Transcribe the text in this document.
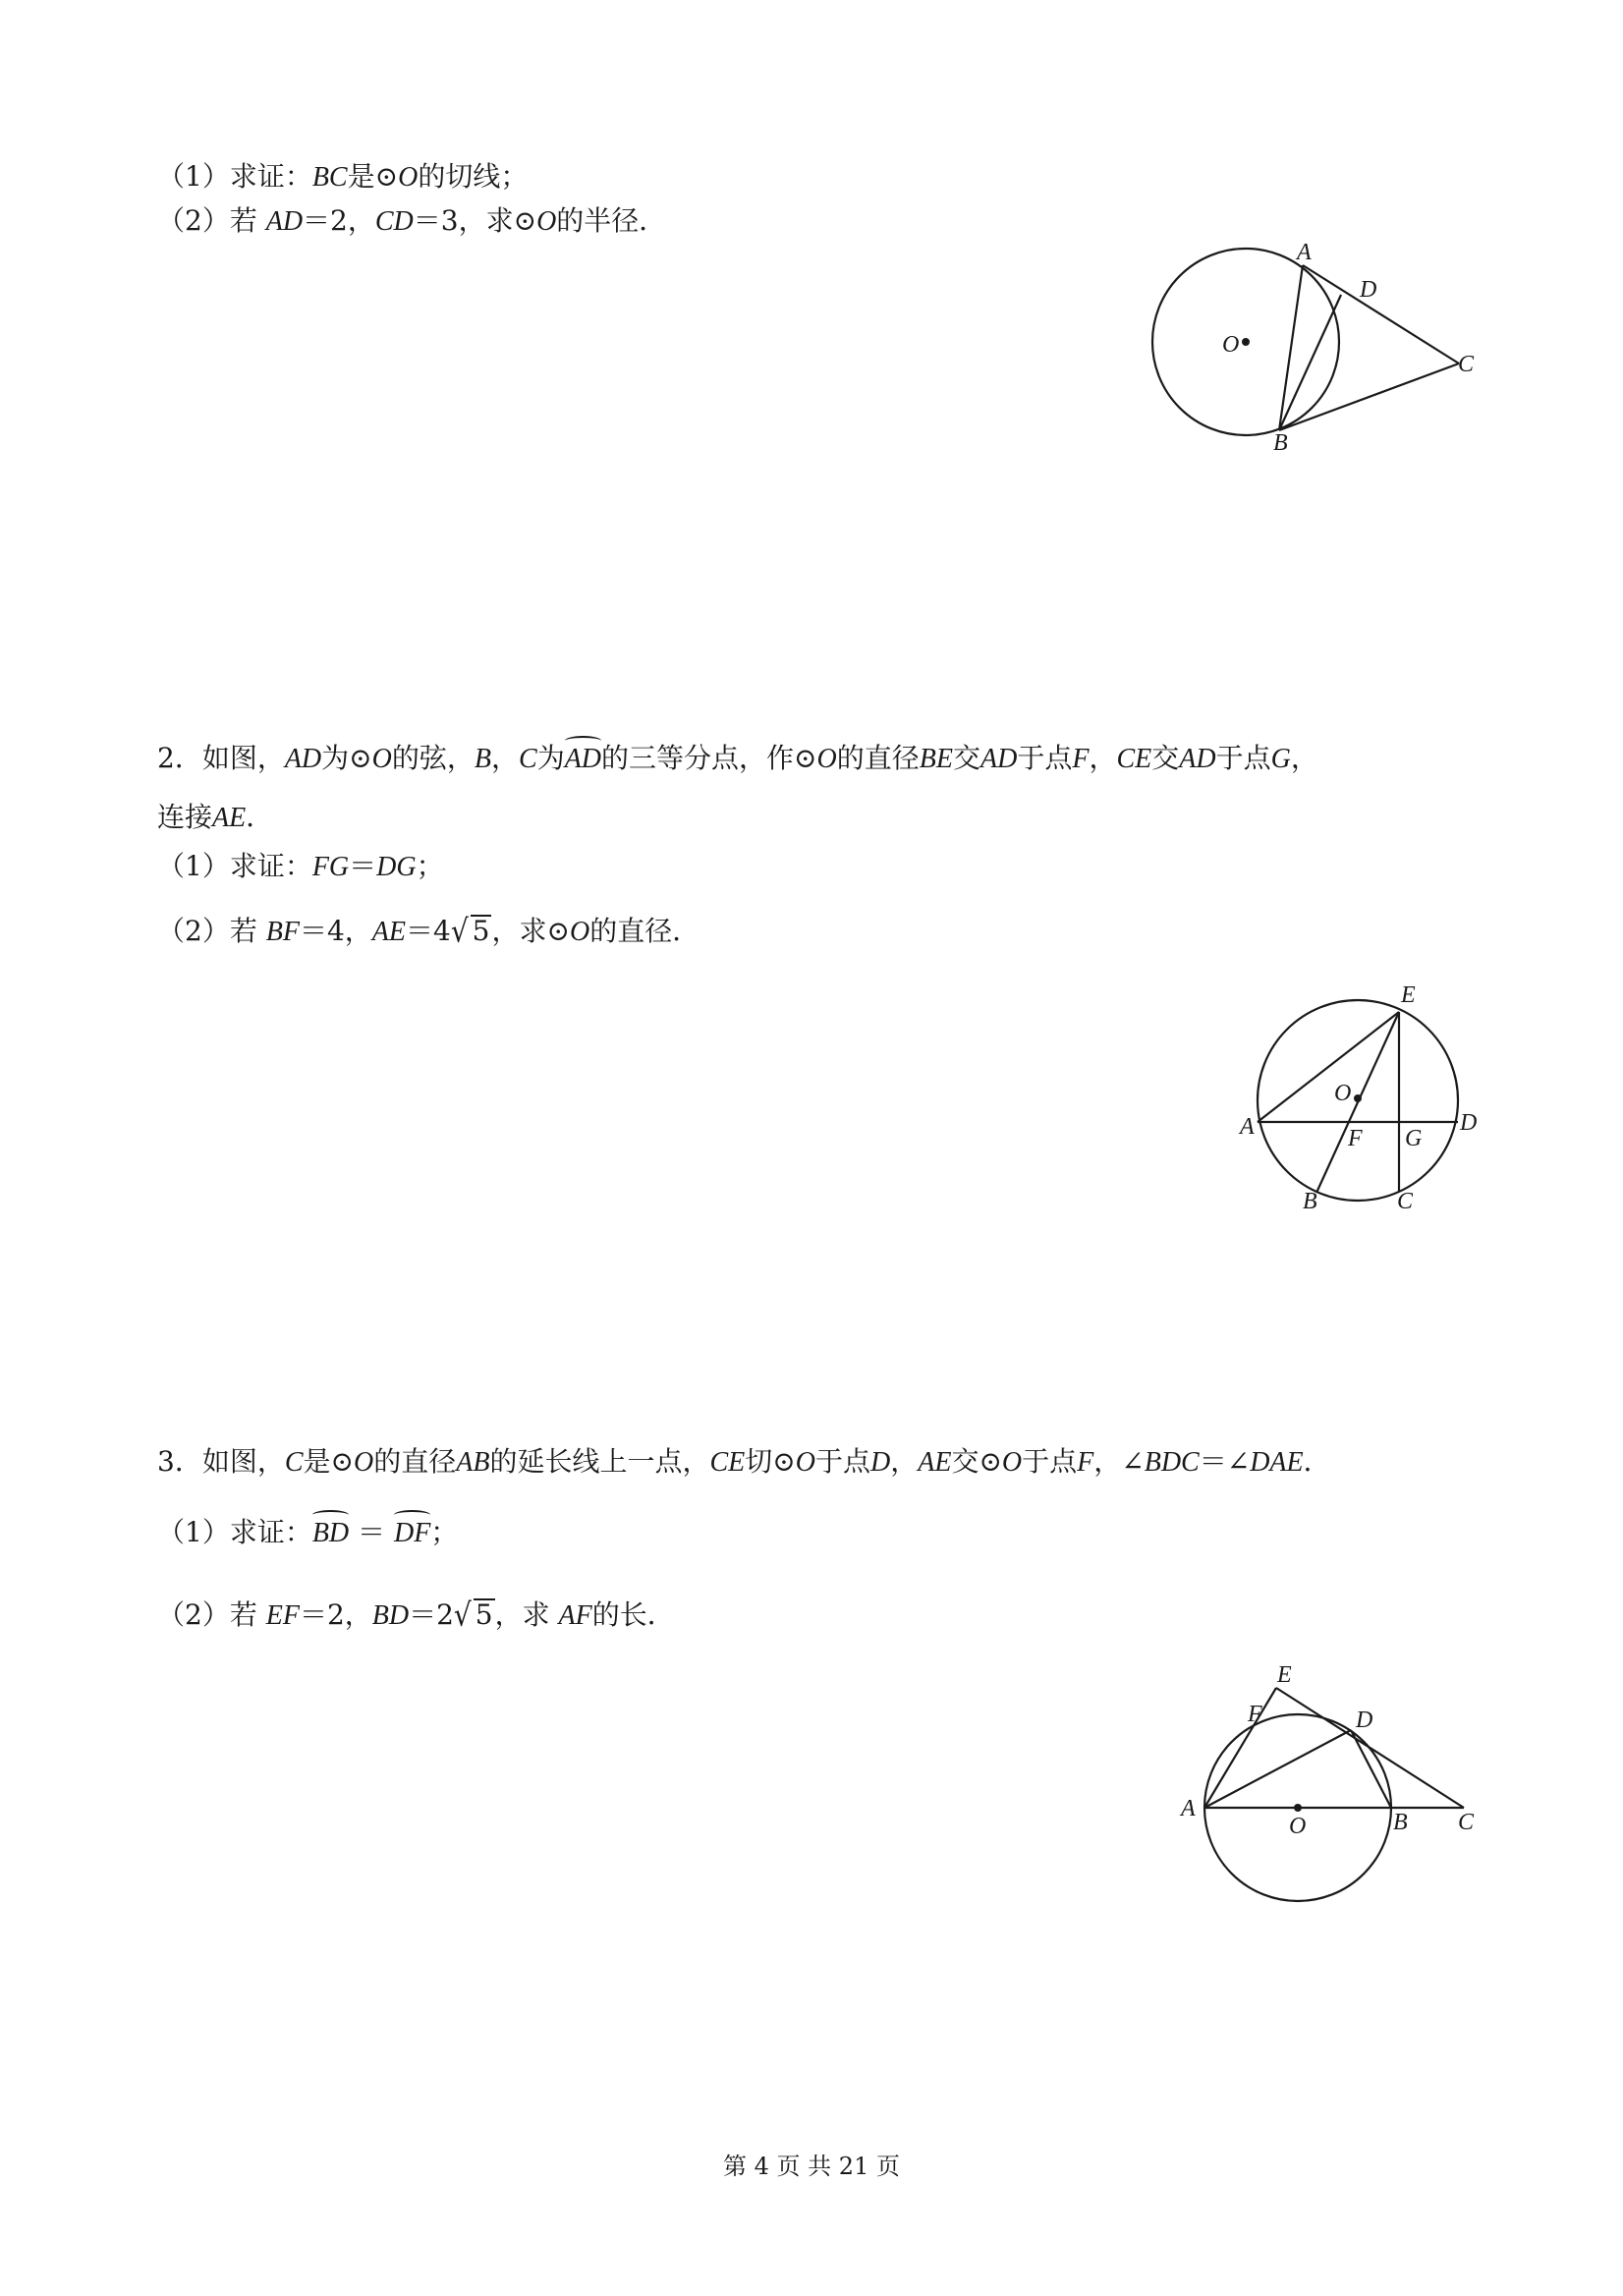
（1）求证：BC是⊙O的切线；
（2）若 AD＝2，CD＝3，求⊙O的半径．
A
D
O
C
B
2．如图，AD为⊙O的弦，B，C为AD的三等分点，作⊙O的直径BE交AD于点F，CE交AD于点G，
连接AE．
（1）求证：FG＝DG；
（2）若 BF＝4，AE＝4√ 5，求⊙O的直径．
E
O
A	F G
D
B	C
3．如图，C是⊙O的直径AB的延长线上一点，CE切⊙O于点D，AE交⊙O于点F，∠BDC＝∠DAE．
（1）求证：BD ＝ DF；
（2）若 EF＝2，BD＝2√ 5，求 AF的长．
E
F	D
A
O	B C
第 4 页 共 21 页
